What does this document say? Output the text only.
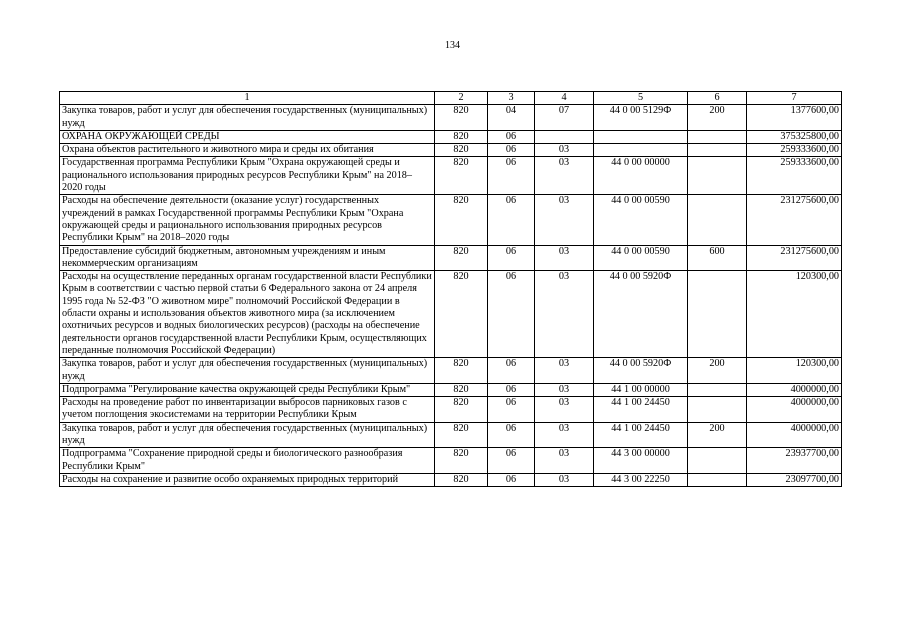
134
1	2	3	4	5	6	7
Закупка товаров, работ и услуг для обеспечения государственных (муниципальных) нужд	820	04	07	44 0 00 5129Ф	200	1377600,00
ОХРАНА ОКРУЖАЮЩЕЙ СРЕДЫ	820	06				375325800,00
Охрана объектов растительного и животного мира и среды их обитания	820	06	03			259333600,00
Государственная программа Республики Крым "Охрана окружающей среды и рационального использования природных ресурсов Республики Крым" на 2018–2020 годы	820	06	03	44 0 00 00000		259333600,00
Расходы на обеспечение деятельности (оказание услуг) государственных учреждений в рамках Государственной программы Республики Крым "Охрана окружающей среды и рационального использования природных ресурсов Республики Крым" на 2018–2020 годы	820	06	03	44 0 00 00590		231275600,00
Предоставление субсидий бюджетным, автономным учреждениям и иным некоммерческим организациям	820	06	03	44 0 00 00590	600	231275600,00
Расходы на осуществление переданных органам государственной власти Республики Крым в соответствии с частью первой статьи 6 Федерального закона от 24 апреля 1995 года № 52-ФЗ "О животном мире" полномочий Российской Федерации в области охраны и использования объектов животного мира (за исключением охотничьих ресурсов и водных биологических ресурсов) (расходы на обеспечение деятельности органов государственной власти Республики Крым, осуществляющих переданные полномочия Российской Федерации)	820	06	03	44 0 00 5920Ф		120300,00
Закупка товаров, работ и услуг для обеспечения государственных (муниципальных) нужд	820	06	03	44 0 00 5920Ф	200	120300,00
Подпрограмма "Регулирование качества окружающей среды Республики Крым"	820	06	03	44 1 00 00000		4000000,00
Расходы на проведение работ по инвентаризации выбросов парниковых газов с учетом поглощения экосистемами на территории Республики Крым	820	06	03	44 1 00 24450		4000000,00
Закупка товаров, работ и услуг для обеспечения государственных (муниципальных) нужд	820	06	03	44 1 00 24450	200	4000000,00
Подпрограмма "Сохранение природной среды и биологического разнообразия Республики Крым"	820	06	03	44 3 00 00000		23937700,00
Расходы на сохранение и развитие особо охраняемых природных территорий	820	06	03	44 3 00 22250		23097700,00
